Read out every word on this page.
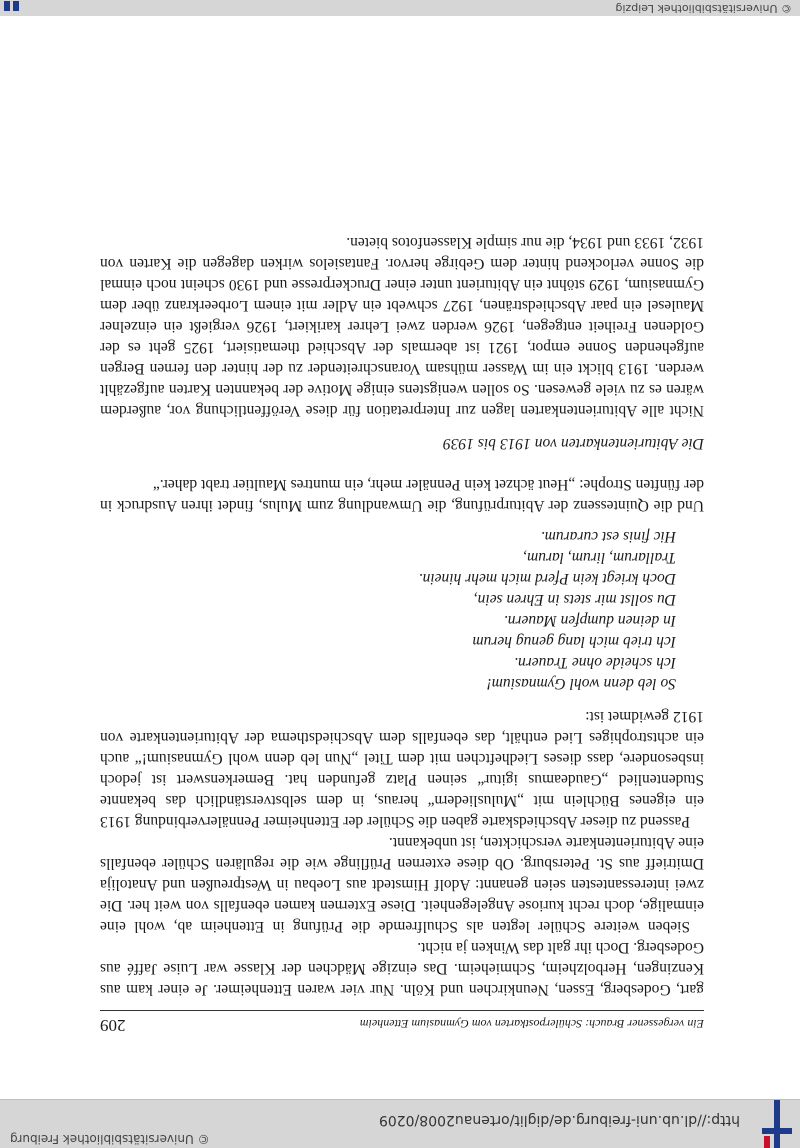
http://dl.ub.uni-freiburg.de/diglit/ortenau2008/0209
© Universitätsbibliothek Freiburg
Ein vergessener Brauch: Schülerpostkarten vom Gymnasium Ettenheim
209

gart, Godesberg, Essen, Neunkirchen und Köln. Nur vier waren Ettenheimer. Je einer kam aus Kenzingen, Herbolzheim, Schmieheim. Das einzige Mädchen der Klasse war Luise Jaffé aus Godesberg. Doch ihr galt das Winken ja nicht.

Sieben weitere Schüler legten als Schulfremde die Prüfung in Ettenheim ab, wohl eine einmalige, doch recht kuriose Angelegenheit. Diese Externen kamen ebenfalls von weit her. Die zwei interessantesten seien genannt: Adolf Himstedt aus Loebau in Westpreußen und Anatolija Dmitrieff aus St. Petersburg. Ob diese externen Prüflinge wie die regulären Schüler ebenfalls eine Abiturientenkarte verschickten, ist unbekannt.

Passend zu dieser Abschiedskarte gaben die Schüler der Ettenheimer Pennälerverbindung 1913 ein eigenes Büchlein mit „Mulusliedern“ heraus, in dem selbstverständlich das bekannte Studentenlied „Gaudeamus igitur“ seinen Platz gefunden hat. Bemerkenswert ist jedoch insbesondere, dass dieses Liedheftchen mit dem Titel „Nun leb denn wohl Gymnasium!“ auch ein achtstrophiges Lied enthält, das ebenfalls dem Abschiedsthema der Abiturientenkarte von 1912 gewidmet ist:

So leb denn wohl Gymnasium!
Ich scheide ohne Trauern.
Ich trieb mich lang genug herum
In deinen dumpfen Mauern.
Du sollst mir stets in Ehren sein,
Doch kriegt kein Pferd mich mehr hinein.
Trallarum, lirum, larum,
Hic finis est curarum.

Und die Quintessenz der Abiturprüfung, die Umwandlung zum Mulus, findet ihren Ausdruck in der fünften Strophe: „Heut ächzet kein Pennäler mehr, ein muntres Maultier trabt daher.“

Die Abiturientenkarten von 1913 bis 1939

Nicht alle Abiturientenkarten lagen zur Interpretation für diese Veröffentlichung vor, außerdem wären es zu viele gewesen. So sollen wenigstens einige Motive der bekannten Karten aufgezählt werden. 1913 blickt ein im Wasser mühsam Voranschreitender zu der hinter den fernen Bergen aufgehenden Sonne empor, 1921 ist abermals der Abschied thematisiert, 1925 geht es der Goldenen Freiheit entgegen, 1926 werden zwei Lehrer karikiert, 1926 vergießt ein einzelner Maulesel ein paar Abschiedstränen, 1927 schwebt ein Adler mit einem Lorbeerkranz über dem Gymnasium, 1929 stöhnt ein Abiturient unter einer Druckerpresse und 1930 scheint noch einmal die Sonne verlockend hinter dem Gebirge hervor. Fantasielos wirken dagegen die Karten von 1932, 1933 und 1934, die nur simple Klassenfotos bieten.

© Universitätsbibliothek Leipzig
